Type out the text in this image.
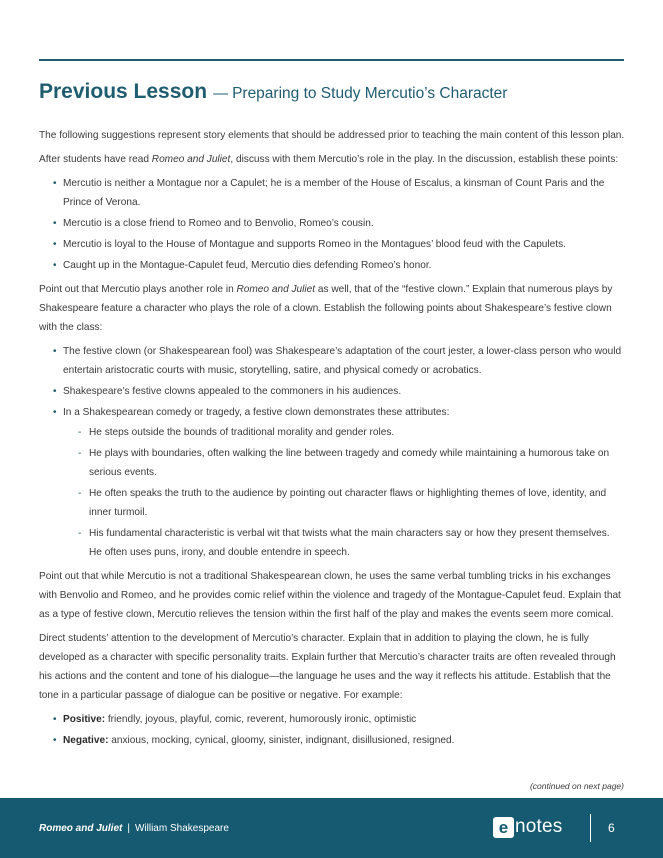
Previous Lesson — Preparing to Study Mercutio’s Character

The following suggestions represent story elements that should be addressed prior to teaching the main content of this lesson plan.

After students have read Romeo and Juliet, discuss with them Mercutio’s role in the play. In the discussion, establish these points:

• Mercutio is neither a Montague nor a Capulet; he is a member of the House of Escalus, a kinsman of Count Paris and the Prince of Verona.
• Mercutio is a close friend to Romeo and to Benvolio, Romeo’s cousin.
• Mercutio is loyal to the House of Montague and supports Romeo in the Montagues’ blood feud with the Capulets.
• Caught up in the Montague-Capulet feud, Mercutio dies defending Romeo’s honor.

Point out that Mercutio plays another role in Romeo and Juliet as well, that of the “festive clown.” Explain that numerous plays by Shakespeare feature a character who plays the role of a clown. Establish the following points about Shakespeare’s festive clown with the class:

• The festive clown (or Shakespearean fool) was Shakespeare’s adaptation of the court jester, a lower-class person who would entertain aristocratic courts with music, storytelling, satire, and physical comedy or acrobatics.
• Shakespeare’s festive clowns appealed to the commoners in his audiences.
• In a Shakespearean comedy or tragedy, a festive clown demonstrates these attributes:
- He steps outside the bounds of traditional morality and gender roles.
- He plays with boundaries, often walking the line between tragedy and comedy while maintaining a humorous take on serious events.
- He often speaks the truth to the audience by pointing out character flaws or highlighting themes of love, identity, and inner turmoil.
- His fundamental characteristic is verbal wit that twists what the main characters say or how they present themselves. He often uses puns, irony, and double entendre in speech.

Point out that while Mercutio is not a traditional Shakespearean clown, he uses the same verbal tumbling tricks in his exchanges with Benvolio and Romeo, and he provides comic relief within the violence and tragedy of the Montague-Capulet feud. Explain that as a type of festive clown, Mercutio relieves the tension within the first half of the play and makes the events seem more comical.

Direct students’ attention to the development of Mercutio’s character. Explain that in addition to playing the clown, he is fully developed as a character with specific personality traits. Explain further that Mercutio’s character traits are often revealed through his actions and the content and tone of his dialogue—the language he uses and the way it reflects his attitude. Establish that the tone in a particular passage of dialogue can be positive or negative. For example:

• Positive: friendly, joyous, playful, comic, reverent, humorously ironic, optimistic
• Negative: anxious, mocking, cynical, gloomy, sinister, indignant, disillusioned, resigned.
(continued on next page)
Romeo and Juliet | William Shakespeare	e notes	6
